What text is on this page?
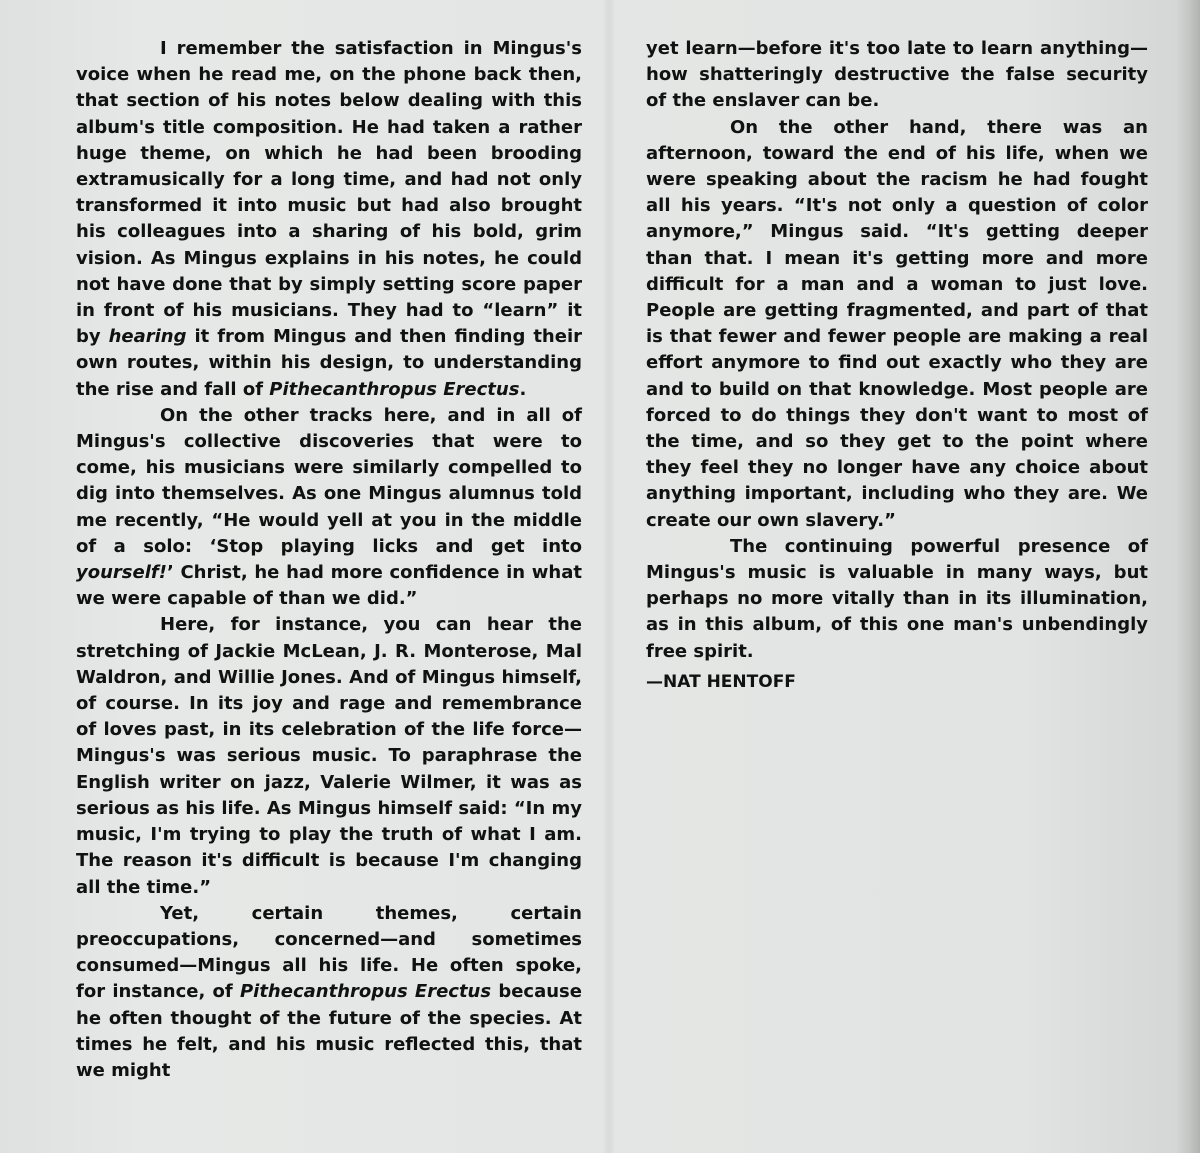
I remember the satisfaction in Mingus's voice when he read me, on the phone back then, that section of his notes below dealing with this album's title composition. He had taken a rather huge theme, on which he had been brooding extramusically for a long time, and had not only transformed it into music but had also brought his colleagues into a sharing of his bold, grim vision. As Mingus explains in his notes, he could not have done that by simply setting score paper in front of his musicians. They had to “learn” it by hearing it from Mingus and then finding their own routes, within his design, to understanding the rise and fall of Pithecanthropus Erectus.

On the other tracks here, and in all of Mingus's collective discoveries that were to come, his musicians were similarly compelled to dig into themselves. As one Mingus alumnus told me recently, “He would yell at you in the middle of a solo: ‘Stop playing licks and get into yourself!’ Christ, he had more confidence in what we were capable of than we did.”

Here, for instance, you can hear the stretching of Jackie McLean, J. R. Monterose, Mal Waldron, and Willie Jones. And of Mingus himself, of course. In its joy and rage and remembrance of loves past, in its celebration of the life force—Mingus's was serious music. To paraphrase the English writer on jazz, Valerie Wilmer, it was as serious as his life. As Mingus himself said: “In my music, I'm trying to play the truth of what I am. The reason it's difficult is because I'm changing all the time.”

Yet, certain themes, certain preoccupations, concerned—and sometimes consumed—Mingus all his life. He often spoke, for instance, of Pithecanthropus Erectus because he often thought of the future of the species. At times he felt, and his music reflected this, that we might

yet learn—before it's too late to learn anything—how shatteringly destructive the false security of the enslaver can be.

On the other hand, there was an afternoon, toward the end of his life, when we were speaking about the racism he had fought all his years. “It's not only a question of color anymore,” Mingus said. “It's getting deeper than that. I mean it's getting more and more difficult for a man and a woman to just love. People are getting fragmented, and part of that is that fewer and fewer people are making a real effort anymore to find out exactly who they are and to build on that knowledge. Most people are forced to do things they don't want to most of the time, and so they get to the point where they feel they no longer have any choice about anything important, including who they are. We create our own slavery.”

The continuing powerful presence of Mingus's music is valuable in many ways, but perhaps no more vitally than in its illumination, as in this album, of this one man's unbendingly free spirit.

—NAT HENTOFF
